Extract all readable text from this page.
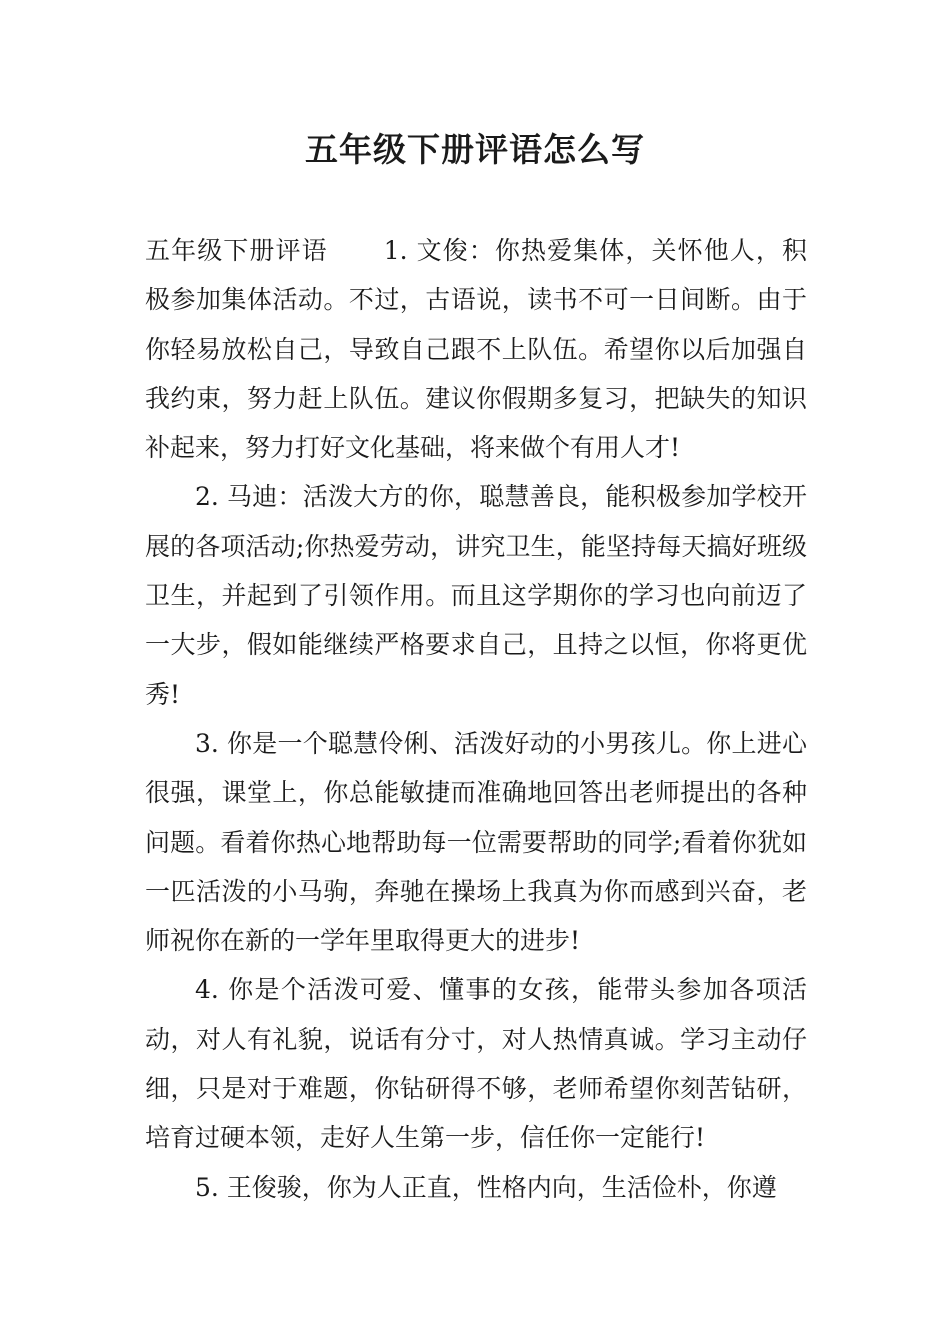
五年级下册评语怎么写

五年级下册评语 1. 文俊：你热爱集体，关怀他人，积极参加集体活动。不过，古语说，读书不可一日间断。由于你轻易放松自己，导致自己跟不上队伍。希望你以后加强自我约束，努力赶上队伍。建议你假期多复习，把缺失的知识补起来，努力打好文化基础，将来做个有用人才!

2. 马迪：活泼大方的你，聪慧善良，能积极参加学校开展的各项活动;你热爱劳动，讲究卫生，能坚持每天搞好班级卫生，并起到了引领作用。而且这学期你的学习也向前迈了一大步，假如能继续严格要求自己，且持之以恒，你将更优秀!

3. 你是一个聪慧伶俐、活泼好动的小男孩儿。你上进心很强，课堂上，你总能敏捷而准确地回答出老师提出的各种问题。看着你热心地帮助每一位需要帮助的同学;看着你犹如一匹活泼的小马驹，奔驰在操场上我真为你而感到兴奋，老师祝你在新的一学年里取得更大的进步!

4. 你是个活泼可爱、懂事的女孩，能带头参加各项活动，对人有礼貌，说话有分寸，对人热情真诚。学习主动仔细，只是对于难题，你钻研得不够，老师希望你刻苦钻研，培育过硬本领，走好人生第一步，信任你一定能行!

5. 王俊骏，你为人正直，性格内向，生活俭朴，你遵
